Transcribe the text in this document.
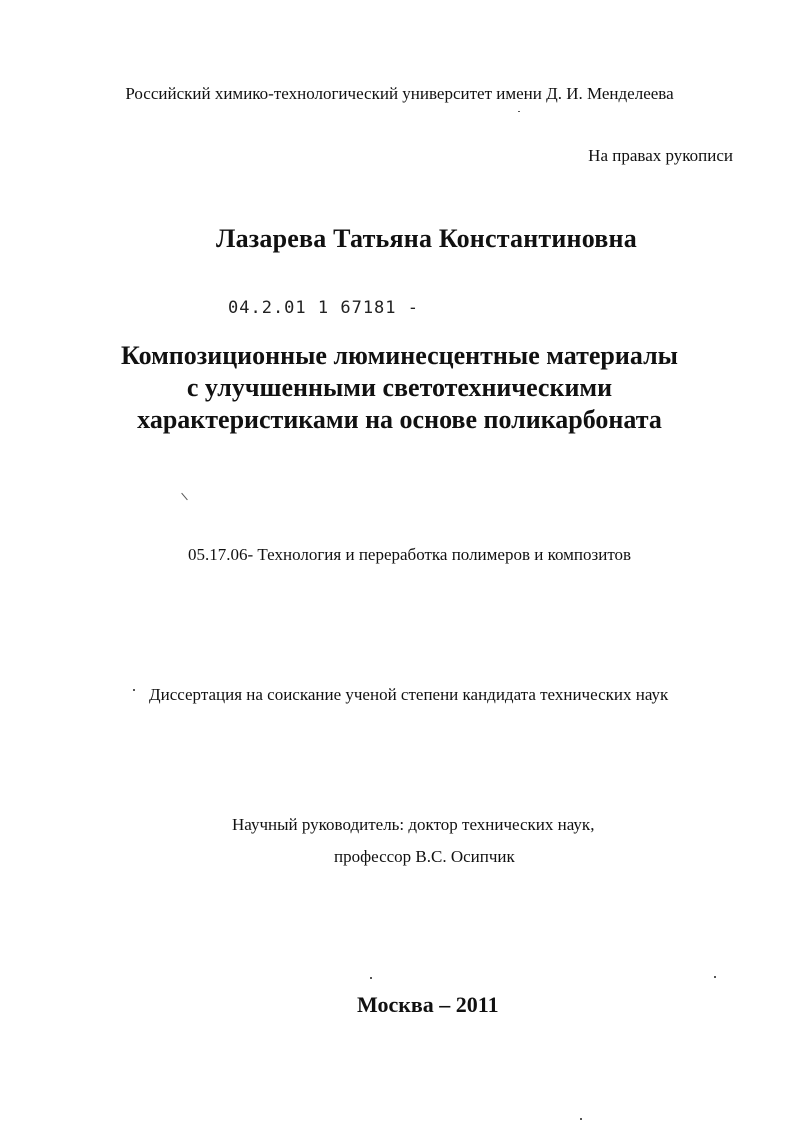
Российский химико-технологический университет имени Д. И. Менделеева
На правах рукописи
Лазарева Татьяна Константиновна
04.2.01 1 67181 -
Композиционные люминесцентные материалы
с улучшенными светотехническими
характеристиками на основе поликарбоната
05.17.06- Технология и переработка полимеров и композитов
Диссертация на соискание ученой степени кандидата технических наук
Научный руководитель: доктор технических наук,
профессор В.С. Осипчик
Москва – 2011
